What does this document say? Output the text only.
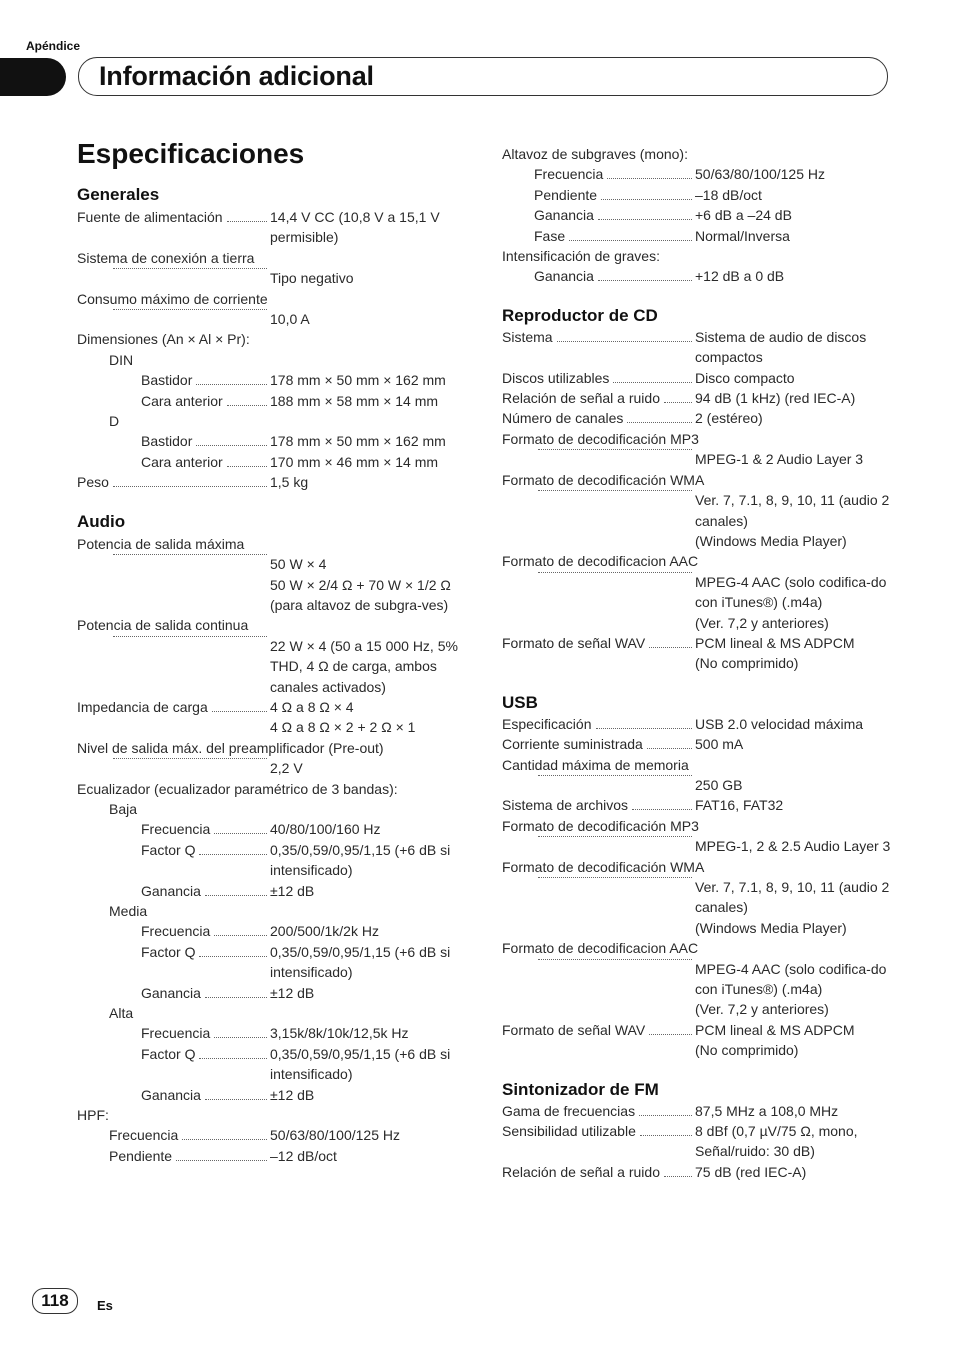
Apéndice
Información adicional
Especificaciones
Generales
Fuente de alimentación	14,4 V CC (10,8 V a 15,1 V permisible)
Sistema de conexión a tierra
Tipo negativo
Consumo máximo de corriente
10,0 A
Dimensiones (An × Al × Pr):
DIN
Bastidor	178 mm × 50 mm × 162 mm
Cara anterior	188 mm × 58 mm × 14 mm
D
Bastidor	178 mm × 50 mm × 162 mm
Cara anterior	170 mm × 46 mm × 14 mm
Peso	1,5 kg
Audio
Potencia de salida máxima
50 W × 4
50 W × 2/4 Ω + 70 W × 1/2 Ω (para altavoz de subgra-ves)
Potencia de salida continua
22 W × 4 (50 a 15 000 Hz, 5% THD, 4 Ω de carga, ambos canales activados)
Impedancia de carga	4 Ω a 8 Ω × 4
4 Ω a 8 Ω × 2 + 2 Ω × 1
Nivel de salida máx. del preamplificador (Pre-out)
2,2 V
Ecualizador (ecualizador paramétrico de 3 bandas):
Baja
Frecuencia	40/80/100/160 Hz
Factor Q	0,35/0,59/0,95/1,15 (+6 dB si intensificado)
Ganancia	±12 dB
Media
Frecuencia	200/500/1k/2k Hz
Factor Q	0,35/0,59/0,95/1,15 (+6 dB si intensificado)
Ganancia	±12 dB
Alta
Frecuencia	3,15k/8k/10k/12,5k Hz
Factor Q	0,35/0,59/0,95/1,15 (+6 dB si intensificado)
Ganancia	±12 dB
HPF:
Frecuencia	50/63/80/100/125 Hz
Pendiente	–12 dB/oct
Altavoz de subgraves (mono):
Frecuencia	50/63/80/100/125 Hz
Pendiente	–18 dB/oct
Ganancia	+6 dB a –24 dB
Fase	Normal/Inversa
Intensificación de graves:
Ganancia	+12 dB a 0 dB
Reproductor de CD
Sistema	Sistema de audio de discos compactos
Discos utilizables	Disco compacto
Relación de señal a ruido	94 dB (1 kHz) (red IEC-A)
Número de canales	2 (estéreo)
Formato de decodificación MP3
MPEG-1 & 2 Audio Layer 3
Formato de decodificación WMA
Ver. 7, 7.1, 8, 9, 10, 11 (audio 2 canales)
(Windows Media Player)
Formato de decodificacion AAC
MPEG-4 AAC (solo codifica-do con iTunes®) (.m4a)
(Ver. 7,2 y anteriores)
Formato de señal WAV	PCM lineal & MS ADPCM
(No comprimido)
USB
Especificación	USB 2.0 velocidad máxima
Corriente suministrada	500 mA
Cantidad máxima de memoria
250 GB
Sistema de archivos	FAT16, FAT32
Formato de decodificación MP3
MPEG-1, 2 & 2.5 Audio Layer 3
Formato de decodificación WMA
Ver. 7, 7.1, 8, 9, 10, 11 (audio 2 canales)
(Windows Media Player)
Formato de decodificacion AAC
MPEG-4 AAC (solo codifica-do con iTunes®) (.m4a)
(Ver. 7,2 y anteriores)
Formato de señal WAV	PCM lineal & MS ADPCM
(No comprimido)
Sintonizador de FM
Gama de frecuencias	87,5 MHz a 108,0 MHz
Sensibilidad utilizable	8 dBf (0,7 µV/75 Ω, mono, Señal/ruido: 30 dB)
Relación de señal a ruido	75 dB (red IEC-A)
118	Es
